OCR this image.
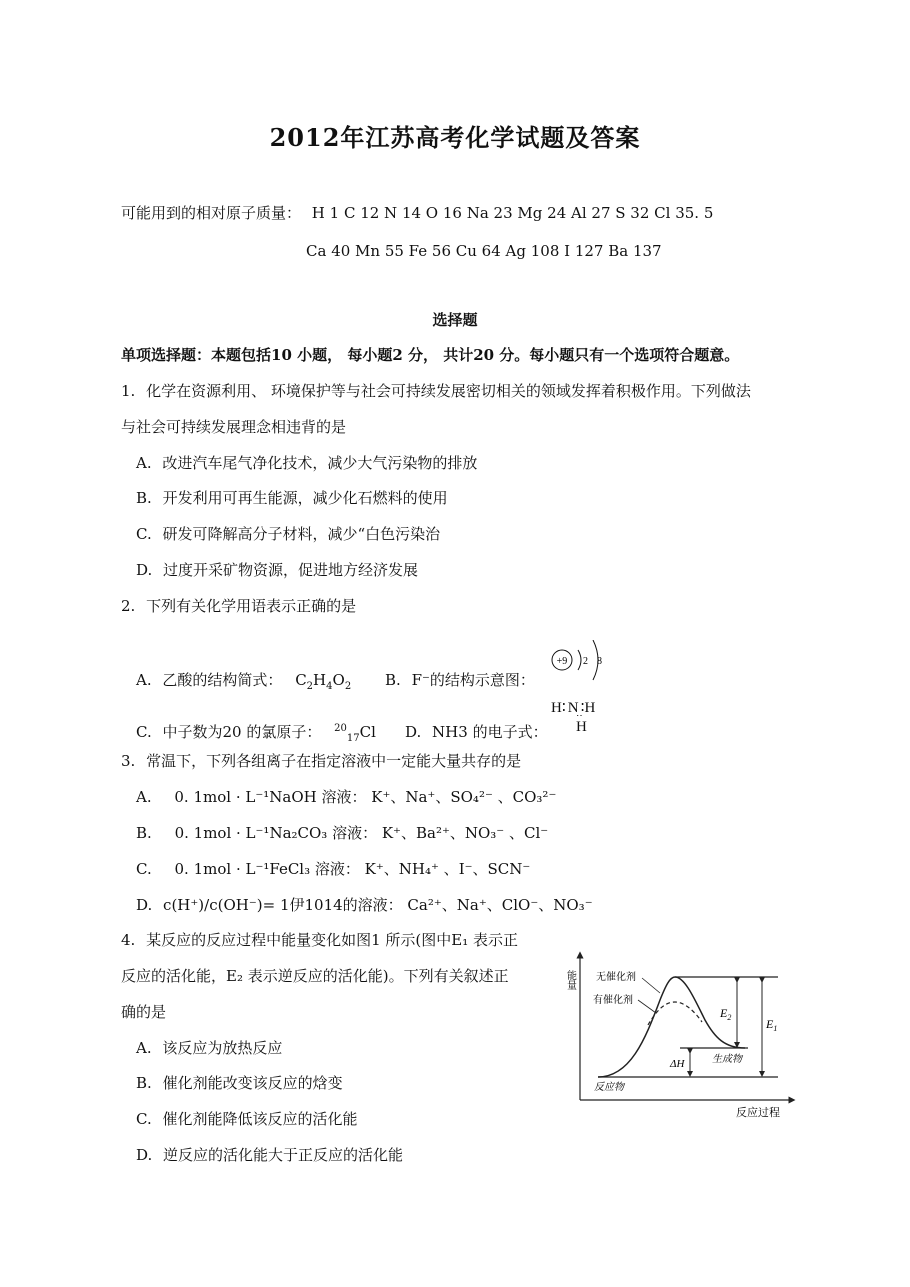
2012年江苏高考化学试题及答案
可能用到的相对原子质量： H 1 C 12 N 14 O 16 Na 23 Mg 24 Al 27 S 32 Cl 35. 5
Ca 40 Mn 55 Fe 56 Cu 64 Ag 108 I 127 Ba 137
选择题
单项选择题：本题包括10 小题， 每小题2 分， 共计20 分。每小题只有一个选项符合题意。
1. 化学在资源利用、 环境保护等与社会可持续发展密切相关的领域发挥着积极作用。下列做法
与社会可持续发展理念相违背的是
A. 改进汽车尾气净化技术，减少大气污染物的排放
B. 开发利用可再生能源，减少化石燃料的使用
C. 研发可降解高分子材料，减少“白色污染治
D. 过度开采矿物资源，促进地方经济发展
2. 下列有关化学用语表示正确的是
A. 乙酸的结构简式： $C_2H_4O_2$ B. F⁻的结构示意图：
+9 2 8
C. 中子数为20 的氯原子： $^{20}_{17}$Cl D. NH3 的电子式：
H∶ N ∶H
‥
H
3. 常温下，下列各组离子在指定溶液中一定能大量共存的是
A. 0. 1mol · L⁻¹NaOH 溶液： K⁺、Na⁺、SO₄²⁻ 、CO₃²⁻
B. 0. 1mol · L⁻¹Na₂CO₃ 溶液： K⁺、Ba²⁺、NO₃⁻ 、Cl⁻
C. 0. 1mol · L⁻¹FeCl₃ 溶液： K⁺、NH₄⁺ 、I⁻、SCN⁻
D. c(H⁺)/c(OH⁻)= 1伊1014的溶液： Ca²⁺、Na⁺、ClO⁻、NO₃⁻
4. 某反应的反应过程中能量变化如图1 所示(图中E₁ 表示正
反应的活化能，E₂ 表示逆反应的活化能)。下列有关叙述正
确的是
A. 该反应为放热反应
B. 催化剂能改变该反应的焓变
C. 催化剂能降低该反应的活化能
D. 逆反应的活化能大于正反应的活化能
能量
反应过程
反应物
生成物
无催化剂
有催化剂
$E_2$	$E_1$
ΔH
